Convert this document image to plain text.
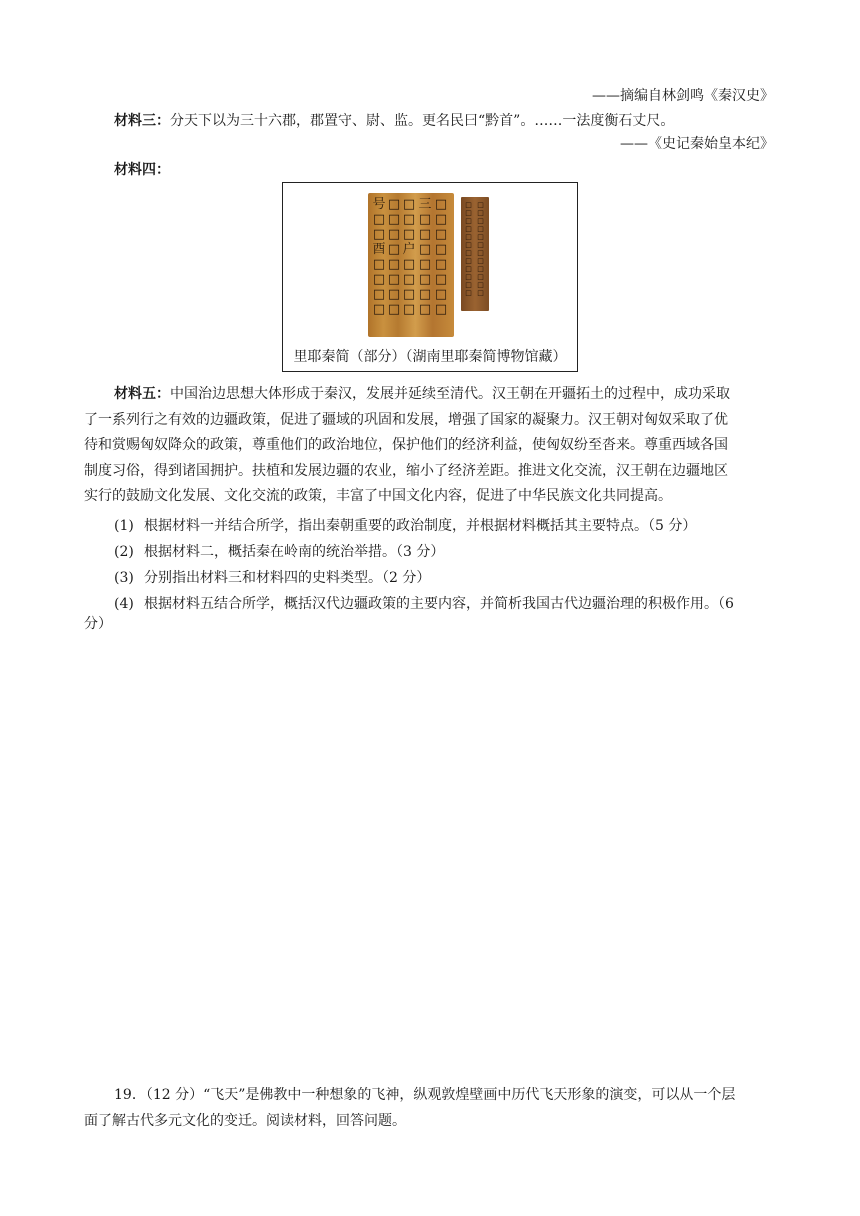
——摘编自林剑鸣《秦汉史》
材料三：分天下以为三十六郡，郡置守、尉、监。更名民曰“黔首”。……一法度衡石丈尺。
——《史记秦始皇本纪》
材料四：
号□□酉□□□□
□□□□□□□□
□□□户□□□□
三□□□□□□□
□□□□□□□□
□□□□□□□□□□□□
□□□□□□□□□□□□
里耶秦简（部分）（湖南里耶秦简博物馆藏）
材料五：中国治边思想大体形成于秦汉，发展并延续至清代。汉王朝在开疆拓土的过程中，成功采取
了一系列行之有效的边疆政策，促进了疆域的巩固和发展，增强了国家的凝聚力。汉王朝对匈奴采取了优
待和赏赐匈奴降众的政策，尊重他们的政治地位，保护他们的经济利益，使匈奴纷至沓来。尊重西域各国
制度习俗，得到诸国拥护。扶植和发展边疆的农业，缩小了经济差距。推进文化交流，汉王朝在边疆地区
实行的鼓励文化发展、文化交流的政策，丰富了中国文化内容，促进了中华民族文化共同提高。
(1) 根据材料一并结合所学，指出秦朝重要的政治制度，并根据材料概括其主要特点。（5 分）
(2) 根据材料二，概括秦在岭南的统治举措。（3 分）
(3) 分别指出材料三和材料四的史料类型。（2 分）
(4) 根据材料五结合所学，概括汉代边疆政策的主要内容，并简析我国古代边疆治理的积极作用。（6
分）
19．（12 分）“飞天”是佛教中一种想象的飞神，纵观敦煌壁画中历代飞天形象的演变，可以从一个层
面了解古代多元文化的变迁。阅读材料，回答问题。
